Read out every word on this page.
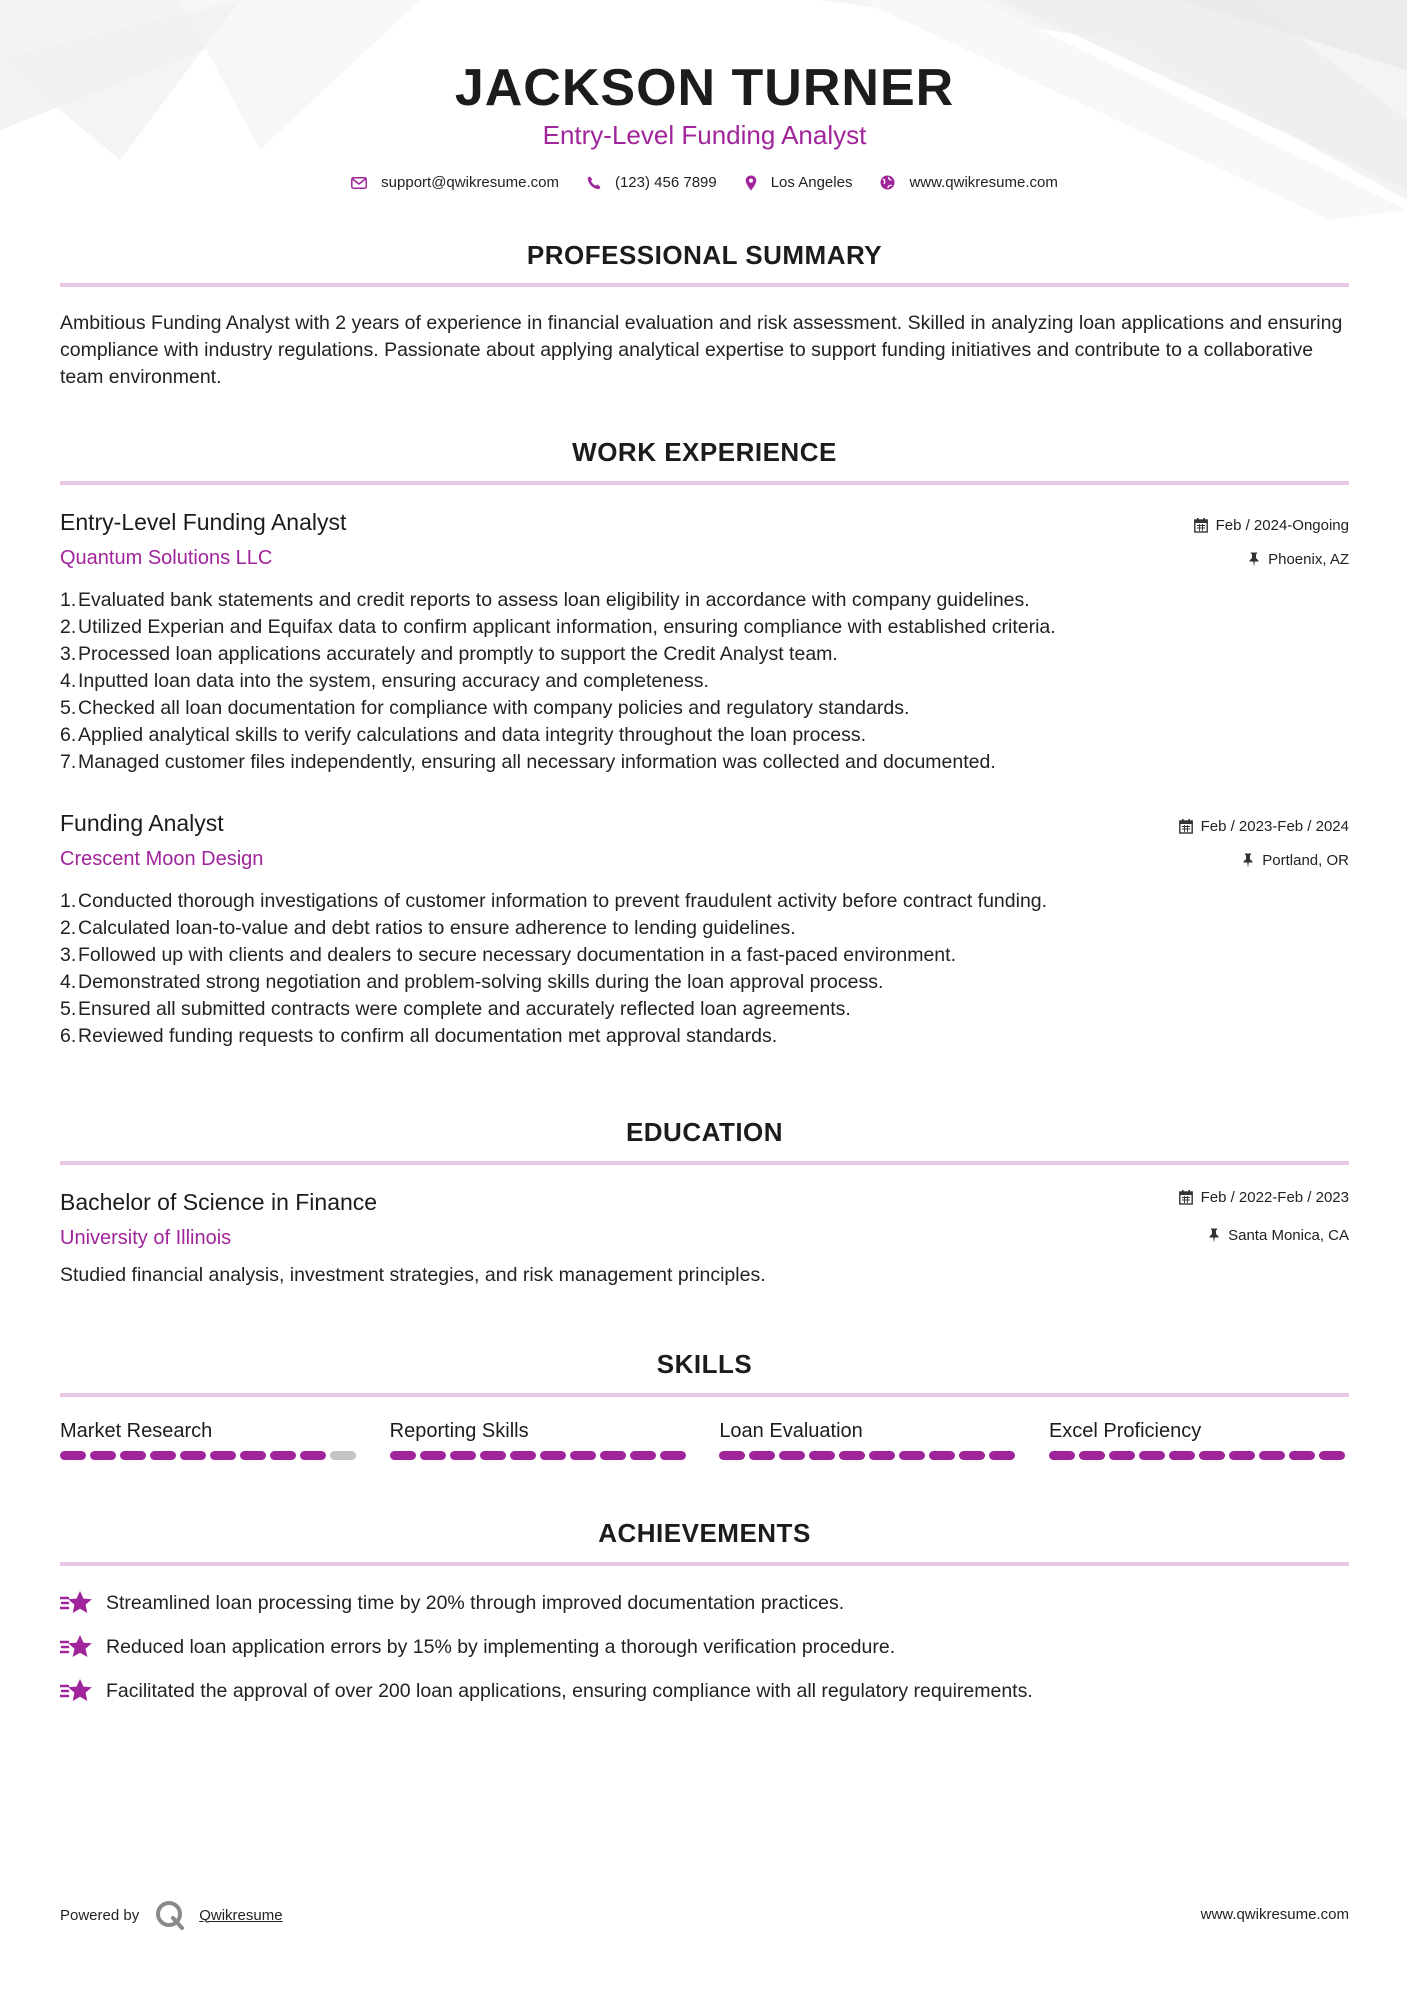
JACKSON TURNER
Entry-Level Funding Analyst
support@qwikresume.com	(123) 456 7899	Los Angeles	www.qwikresume.com
PROFESSIONAL SUMMARY
Ambitious Funding Analyst with 2 years of experience in financial evaluation and risk assessment. Skilled in analyzing loan applications and ensuring compliance with industry regulations. Passionate about applying analytical expertise to support funding initiatives and contribute to a collaborative team environment.
WORK EXPERIENCE
Entry-Level Funding Analyst
Quantum Solutions LLC
Feb / 2024-Ongoing
Phoenix, AZ
1. Evaluated bank statements and credit reports to assess loan eligibility in accordance with company guidelines.
2. Utilized Experian and Equifax data to confirm applicant information, ensuring compliance with established criteria.
3. Processed loan applications accurately and promptly to support the Credit Analyst team.
4. Inputted loan data into the system, ensuring accuracy and completeness.
5. Checked all loan documentation for compliance with company policies and regulatory standards.
6. Applied analytical skills to verify calculations and data integrity throughout the loan process.
7. Managed customer files independently, ensuring all necessary information was collected and documented.
Funding Analyst
Crescent Moon Design
Feb / 2023-Feb / 2024
Portland, OR
1. Conducted thorough investigations of customer information to prevent fraudulent activity before contract funding.
2. Calculated loan-to-value and debt ratios to ensure adherence to lending guidelines.
3. Followed up with clients and dealers to secure necessary documentation in a fast-paced environment.
4. Demonstrated strong negotiation and problem-solving skills during the loan approval process.
5. Ensured all submitted contracts were complete and accurately reflected loan agreements.
6. Reviewed funding requests to confirm all documentation met approval standards.
EDUCATION
Bachelor of Science in Finance
University of Illinois
Feb / 2022-Feb / 2023
Santa Monica, CA
Studied financial analysis, investment strategies, and risk management principles.
SKILLS
Market Research	Reporting Skills	Loan Evaluation	Excel Proficiency
ACHIEVEMENTS
Streamlined loan processing time by 20% through improved documentation practices.
Reduced loan application errors by 15% by implementing a thorough verification procedure.
Facilitated the approval of over 200 loan applications, ensuring compliance with all regulatory requirements.
Powered by	Qwikresume	www.qwikresume.com
